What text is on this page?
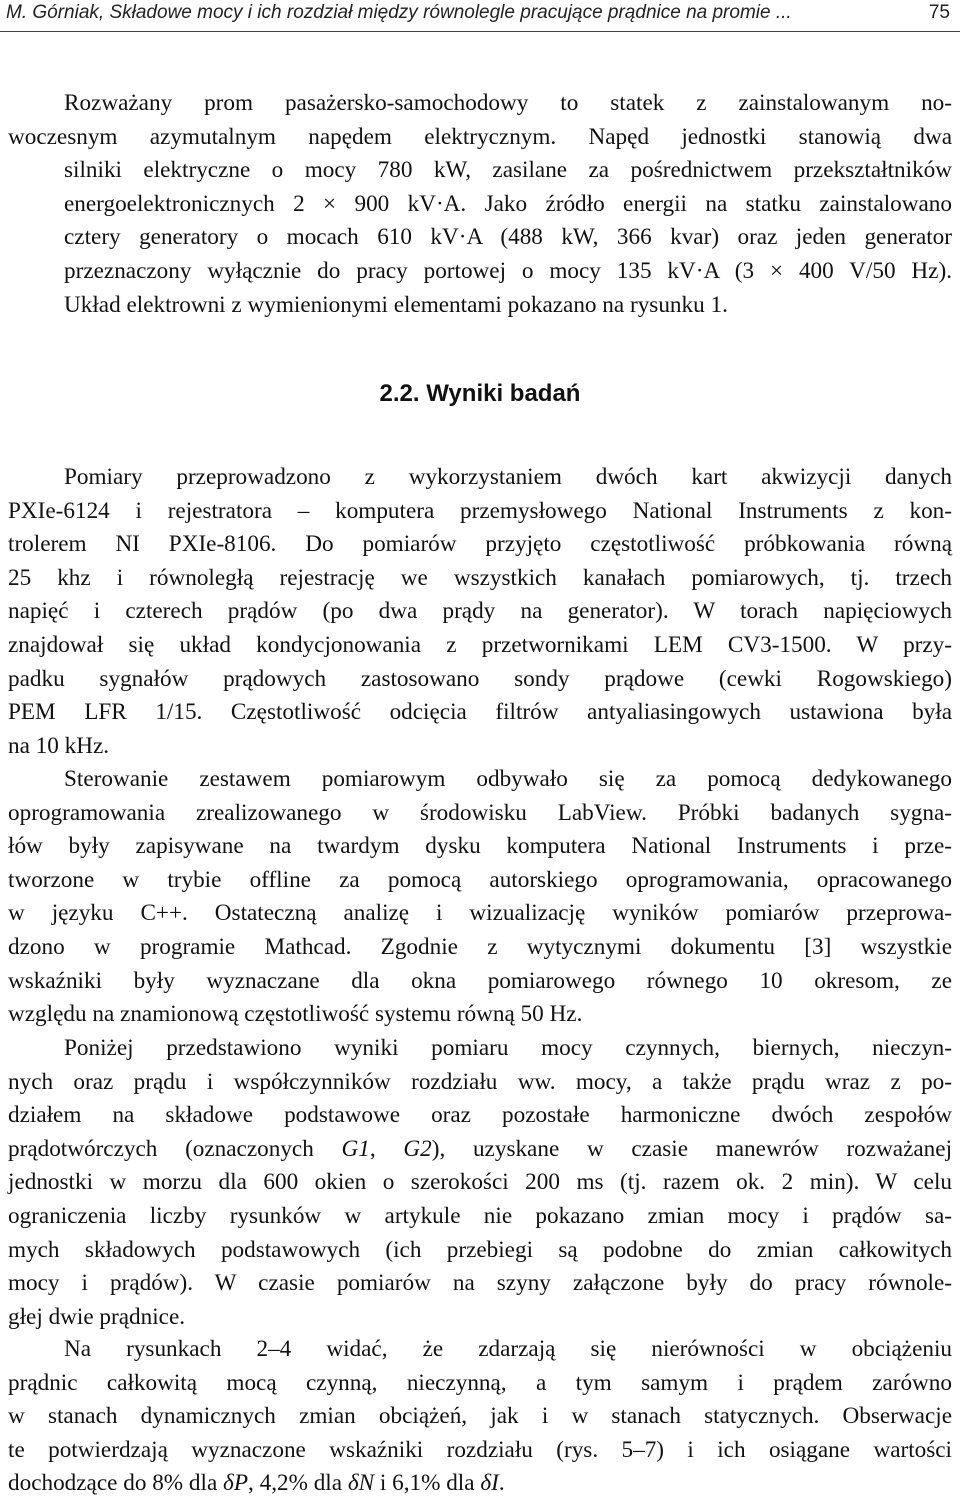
M. Górniak, Składowe mocy i ich rozdział między równolegle pracujące prądnice na promie ...	75
Rozważany prom pasażersko-samochodowy to statek z zainstalowanym no-
woczesnym azymutalnym napędem elektrycznym. Napęd jednostki stanowią dwa
silniki elektryczne o mocy 780 kW, zasilane za pośrednictwem przekształtników
energoelektronicznych 2 × 900 kV·A. Jako źródło energii na statku zainstalowano
cztery generatory o mocach 610 kV·A (488 kW, 366 kvar) oraz jeden generator
przeznaczony wyłącznie do pracy portowej o mocy 135 kV·A (3 × 400 V/50 Hz).
Układ elektrowni z wymienionymi elementami pokazano na rysunku 1.
2.2. Wyniki badań
Pomiary przeprowadzono z wykorzystaniem dwóch kart akwizycji danych
PXIe-6124 i rejestratora – komputera przemysłowego National Instruments z kon-
trolerem NI PXIe-8106. Do pomiarów przyjęto częstotliwość próbkowania równą
25 khz i równoległą rejestrację we wszystkich kanałach pomiarowych, tj. trzech
napięć i czterech prądów (po dwa prądy na generator). W torach napięciowych
znajdował się układ kondycjonowania z przetwornikami LEM CV3-1500. W przy-
padku sygnałów prądowych zastosowano sondy prądowe (cewki Rogowskiego)
PEM LFR 1/15. Częstotliwość odcięcia filtrów antyaliasingowych ustawiona była
na 10 kHz.
Sterowanie zestawem pomiarowym odbywało się za pomocą dedykowanego
oprogramowania zrealizowanego w środowisku LabView. Próbki badanych sygna-
łów były zapisywane na twardym dysku komputera National Instruments i prze-
tworzone w trybie offline za pomocą autorskiego oprogramowania, opracowanego
w języku C++. Ostateczną analizę i wizualizację wyników pomiarów przeprowa-
dzono w programie Mathcad. Zgodnie z wytycznymi dokumentu [3] wszystkie
wskaźniki były wyznaczane dla okna pomiarowego równego 10 okresom, ze
względu na znamionową częstotliwość systemu równą 50 Hz.
Poniżej przedstawiono wyniki pomiaru mocy czynnych, biernych, nieczyn-
nych oraz prądu i współczynników rozdziału ww. mocy, a także prądu wraz z po-
działem na składowe podstawowe oraz pozostałe harmoniczne dwóch zespołów
prądotwórczych (oznaczonych G1, G2), uzyskane w czasie manewrów rozważanej
jednostki w morzu dla 600 okien o szerokości 200 ms (tj. razem ok. 2 min). W celu
ograniczenia liczby rysunków w artykule nie pokazano zmian mocy i prądów sa-
mych składowych podstawowych (ich przebiegi są podobne do zmian całkowitych
mocy i prądów). W czasie pomiarów na szyny załączone były do pracy równole-
głej dwie prądnice.
Na rysunkach 2–4 widać, że zdarzają się nierówności w obciążeniu
prądnic całkowitą mocą czynną, nieczynną, a tym samym i prądem zarówno
w stanach dynamicznych zmian obciążeń, jak i w stanach statycznych. Obserwacje
te potwierdzają wyznaczone wskaźniki rozdziału (rys. 5–7) i ich osiągane wartości
dochodzące do 8% dla δP, 4,2% dla δN i 6,1% dla δI.
